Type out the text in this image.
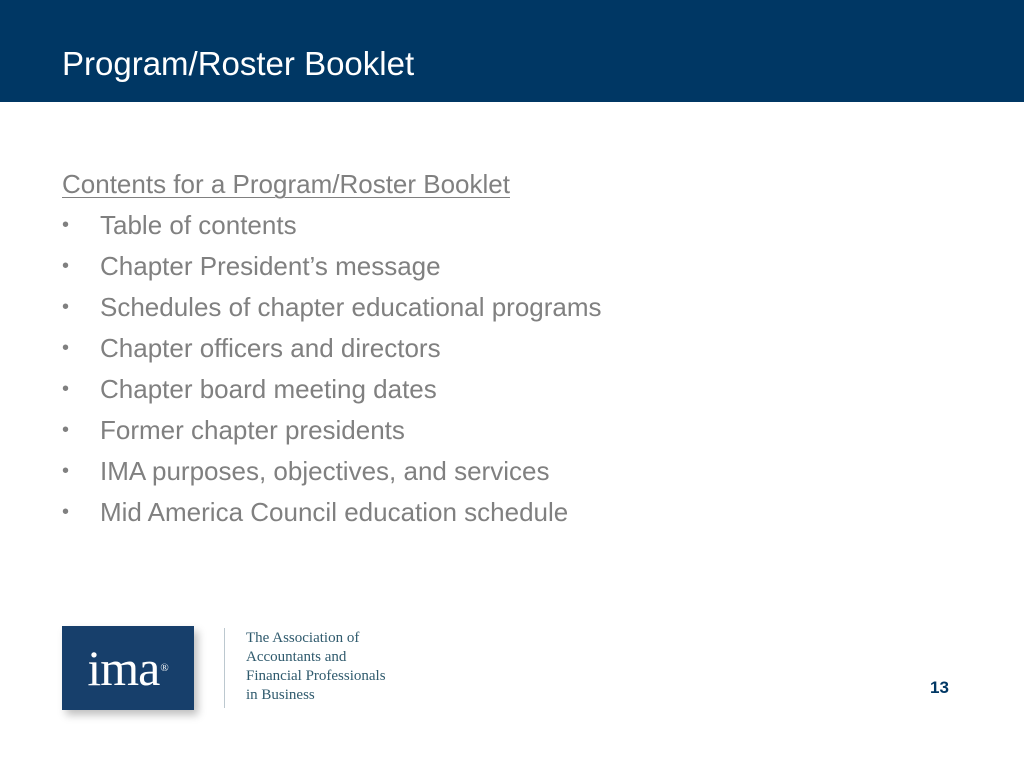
Program/Roster Booklet
Contents for a Program/Roster Booklet
• Table of contents
• Chapter President’s message
• Schedules of chapter educational programs
• Chapter officers and directors
• Chapter board meeting dates
• Former chapter presidents
• IMA purposes, objectives, and services
• Mid America Council education schedule
ima ®
The Association of
Accountants and
Financial Professionals
in Business	13
